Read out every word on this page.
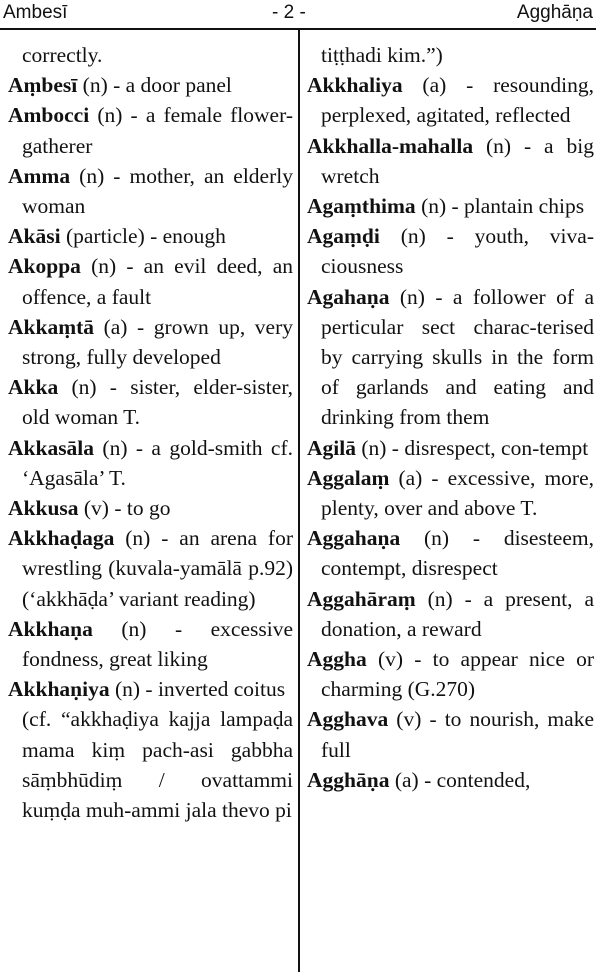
Ambesī	- 2 -	Agghāṇa
correctly.
Aṃbesī (n) - a door panel
Ambocci (n) - a female flower-gatherer
Amma (n) - mother, an elderly woman
Akāsi (particle) - enough
Akoppa (n) - an evil deed, an offence, a fault
Akkaṃtā (a) - grown up, very strong, fully developed
Akka (n) - sister, elder-sister, old woman T.
Akkasāla (n) - a gold-smith cf. ‘Agasāla’ T.
Akkusa (v) - to go
Akkhaḍaga (n) - an arena for wrestling (kuvala-yamālā p.92) (‘akkhāḍa’ variant reading)
Akkhaṇa (n) - excessive fondness, great liking
Akkhaṇiya (n) - inverted coitus
(cf. “akkhaḍiya kajja lampaḍa mama kiṃ pach-asi gabbha sāṃbhūdiṃ / ovattammi kuṃḍa muh-ammi jala thevo pi
tiṭṭhadi kim.”)
Akkhaliya (a) - resounding, perplexed, agitated, reflected
Akkhalla-mahalla (n) - a big wretch
Agaṃthima (n) - plantain chips
Agaṃḍi (n) - youth, viva-ciousness
Agahaṇa (n) - a follower of a perticular sect charac-terised by carrying skulls in the form of garlands and eating and drinking from them
Agilā (n) - disrespect, con-tempt
Aggalaṃ (a) - excessive, more, plenty, over and above T.
Aggahaṇa (n) - disesteem, contempt, disrespect
Aggahāraṃ (n) - a present, a donation, a reward
Aggha (v) - to appear nice or charming (G.270)
Agghava (v) - to nourish, make full
Agghāṇa (a) - contended,
